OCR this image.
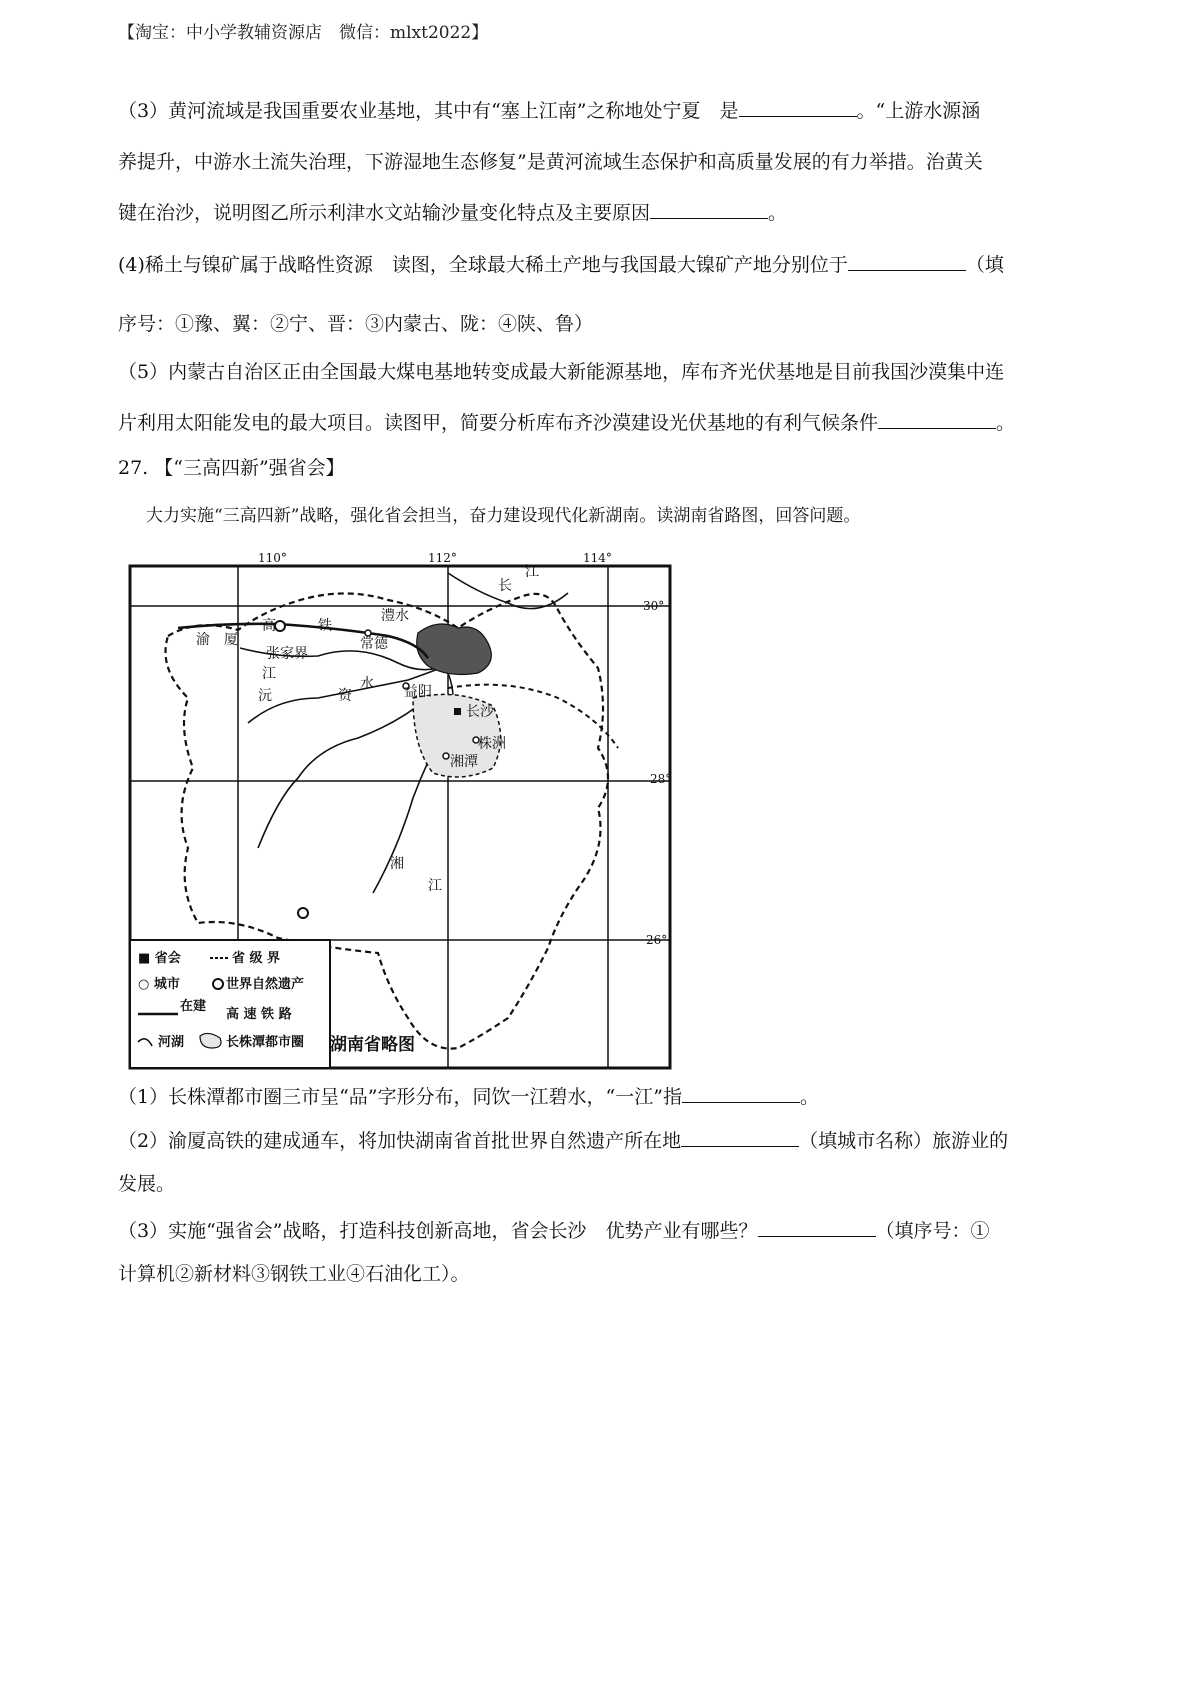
【淘宝：中小学教辅资源店　微信：mlxt2022】
（3）黄河流域是我国重要农业基地，其中有“塞上江南”之称地处宁夏　是	。“上游水源涵
养提升，中游水土流失治理，下游湿地生态修复”是黄河流域生态保护和高质量发展的有力举措。治黄关
键在治沙，说明图乙所示利津水文站输沙量变化特点及主要原因	。
(4)稀土与镍矿属于战略性资源　读图，全球最大稀土产地与我国最大镍矿产地分别位于	（填
序号：①豫、翼：②宁、晋：③内蒙古、陇：④陕、鲁）
（5）内蒙古自治区正由全国最大煤电基地转变成最大新能源基地，库布齐光伏基地是目前我国沙漠集中连
片利用太阳能发电的最大项目。读图甲，简要分析库布齐沙漠建设光伏基地的有利气候条件	。
27. 【“三高四新”强省会】
大力实施“三高四新”战略，强化省会担当，奋力建设现代化新湖南。读湖南省路图，回答问题。
110°	112°	114°
30°
28°
26°
渝 厦
高	铁
张家界
常德
澧水
益阳
长沙
株洲
湘潭
沅
江
资
水
湘
江
长
江
■ 省会	省 级 界
○ 城市	世界自然遗产
在建
高 速 铁 路
河湖	长株潭都市圈 湖南省略图
（1）长株潭都市圈三市呈“品”字形分布，同饮一江碧水，“一江”指	。
（2）渝厦高铁的建成通车，将加快湖南省首批世界自然遗产所在地	（填城市名称）旅游业的
发展。
（3）实施“强省会”战略，打造科技创新高地，省会长沙　优势产业有哪些？	（填序号：①
计算机②新材料③钢铁工业④石油化工）。
